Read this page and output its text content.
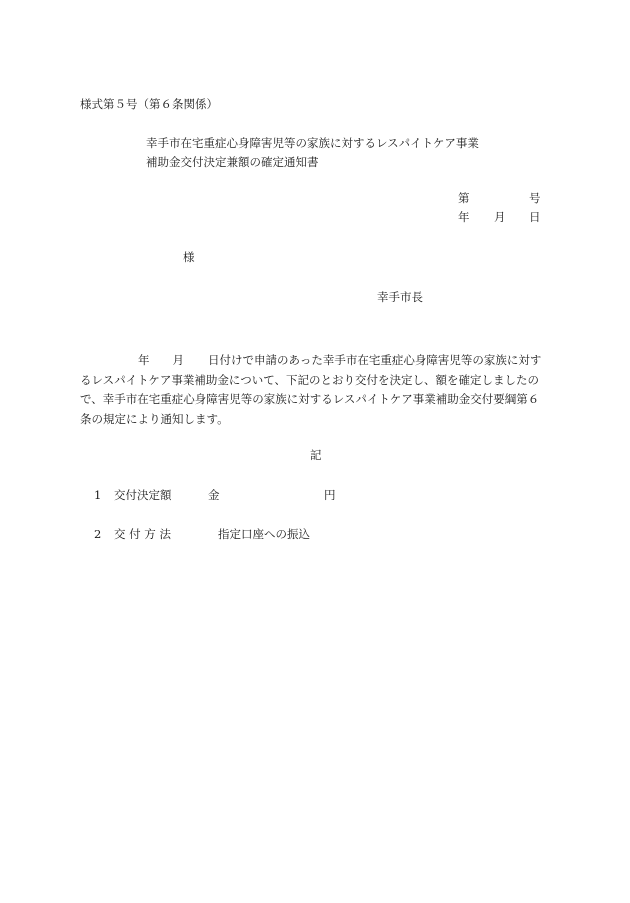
様式第５号（第６条関係）
幸手市在宅重症心身障害児等の家族に対するレスパイトケア事業
補助金交付決定兼額の確定通知書
第	号
年 月 日
様
幸手市長
年 月 日付けで申請のあった幸手市在宅重症心身障害児等の家族に対す
るレスパイトケア事業補助金について、下記のとおり交付を決定し、額を確定しましたの
で、幸手市在宅重症心身障害児等の家族に対するレスパイトケア事業補助金交付要綱第６
条の規定により通知します。
記
1 交付決定額	金	円
2 交 付 方 法	指定口座への振込
